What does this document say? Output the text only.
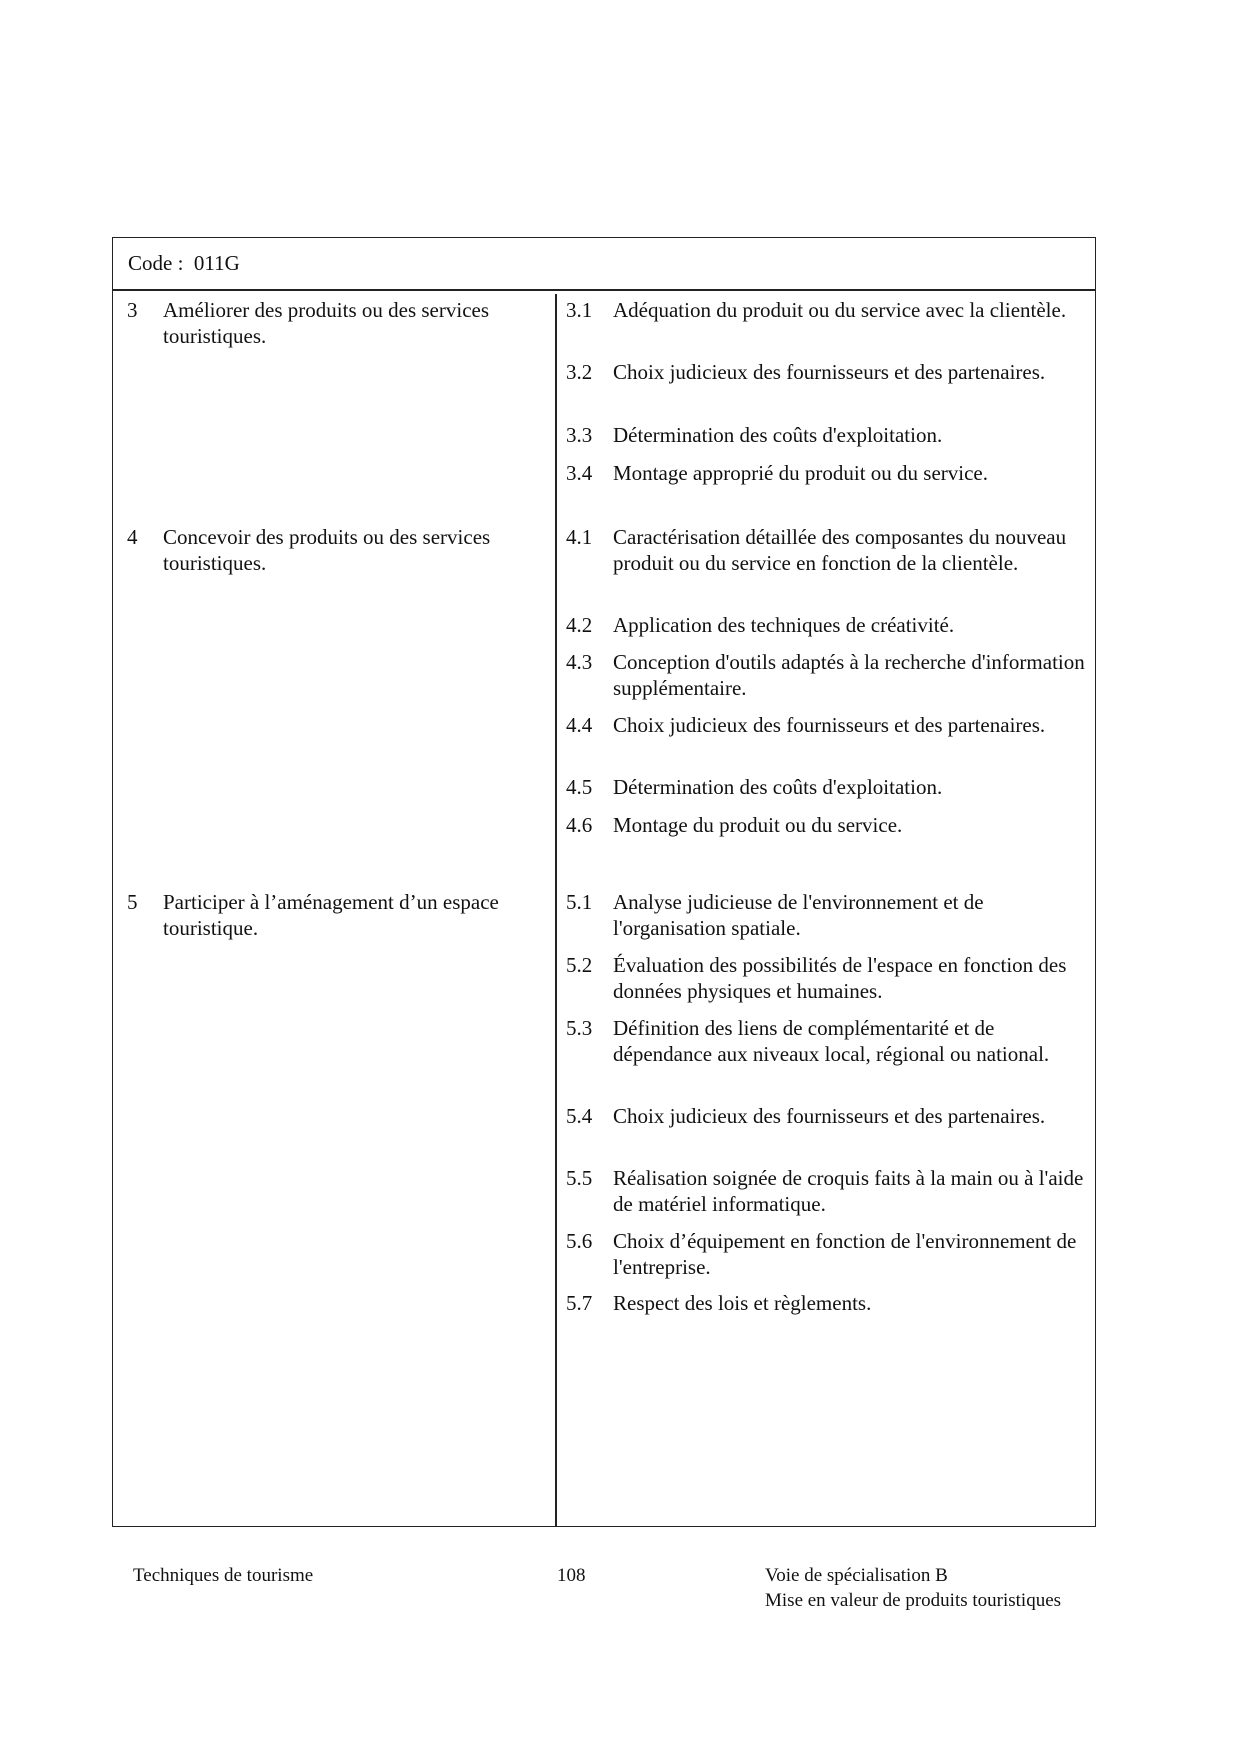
Code : 011G
3 Améliorer des produits ou des services touristiques.
4 Concevoir des produits ou des services touristiques.
5 Participer à l’aménagement d’un espace touristique.
3.1 Adéquation du produit ou du service avec la clientèle.
3.2 Choix judicieux des fournisseurs et des partenaires.
3.3 Détermination des coûts d'exploitation.
3.4 Montage approprié du produit ou du service.
4.1 Caractérisation détaillée des composantes du nouveau produit ou du service en fonction de la clientèle.
4.2 Application des techniques de créativité.
4.3 Conception d'outils adaptés à la recherche d'information supplémentaire.
4.4 Choix judicieux des fournisseurs et des partenaires.
4.5 Détermination des coûts d'exploitation.
4.6 Montage du produit ou du service.
5.1 Analyse judicieuse de l'environnement et de l'organisation spatiale.
5.2 Évaluation des possibilités de l'espace en fonction des données physiques et humaines.
5.3 Définition des liens de complémentarité et de dépendance aux niveaux local, régional ou national.
5.4 Choix judicieux des fournisseurs et des partenaires.
5.5 Réalisation soignée de croquis faits à la main ou à l'aide de matériel informatique.
5.6 Choix d’équipement en fonction de l'environnement de l'entreprise.
5.7 Respect des lois et règlements.
Techniques de tourisme	108	Voie de spécialisation B
Mise en valeur de produits touristiques
